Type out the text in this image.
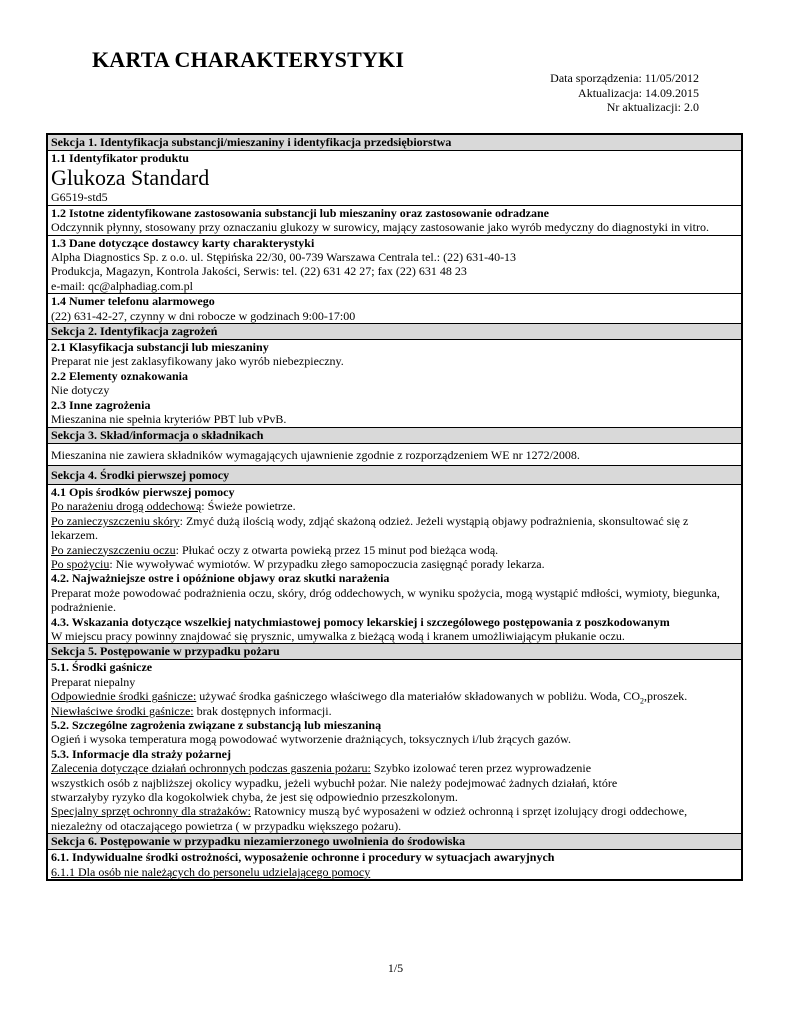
KARTA CHARAKTERYSTYKI
Data sporządzenia: 11/05/2012
Aktualizacja: 14.09.2015
Nr aktualizacji: 2.0
Sekcja 1. Identyfikacja substancji/mieszaniny i identyfikacja przedsiębiorstwa
1.1 Identyfikator produktu
Glukoza Standard
G6519-std5
1.2 Istotne zidentyfikowane zastosowania substancji lub mieszaniny oraz zastosowanie odradzane
Odczynnik płynny, stosowany przy oznaczaniu glukozy w surowicy, mający zastosowanie jako wyrób medyczny do diagnostyki in vitro.
1.3 Dane dotyczące dostawcy karty charakterystyki
Alpha Diagnostics Sp. z o.o. ul. Stępińska 22/30, 00-739 Warszawa Centrala tel.: (22) 631-40-13
Produkcja, Magazyn, Kontrola Jakości, Serwis: tel. (22) 631 42 27; fax (22) 631 48 23
e-mail: qc@alphadiag.com.pl
1.4 Numer telefonu alarmowego
(22) 631-42-27, czynny w dni robocze w godzinach 9:00-17:00
Sekcja 2. Identyfikacja zagrożeń
2.1 Klasyfikacja substancji lub mieszaniny
Preparat nie jest zaklasyfikowany jako wyrób niebezpieczny.
2.2 Elementy oznakowania
Nie dotyczy
2.3 Inne zagrożenia
Mieszanina nie spełnia kryteriów PBT lub vPvB.
Sekcja 3. Skład/informacja o składnikach
Mieszanina nie zawiera składników wymagających ujawnienie zgodnie z rozporządzeniem WE nr 1272/2008.
Sekcja 4. Środki pierwszej pomocy
4.1 Opis środków pierwszej pomocy
Po narażeniu drogą oddechową: Świeże powietrze.
Po zanieczyszczeniu skóry: Zmyć dużą ilością wody, zdjąć skażoną odzież. Jeżeli wystąpią objawy podrażnienia, skonsultować się z lekarzem.
Po zanieczyszczeniu oczu: Płukać oczy z otwarta powieką przez 15 minut pod bieżąca wodą.
Po spożyciu: Nie wywoływać wymiotów. W przypadku złego samopoczucia zasięgnąć porady lekarza.
4.2. Najważniejsze ostre i opóźnione objawy oraz skutki narażenia
Preparat może powodować podrażnienia oczu, skóry, dróg oddechowych, w wyniku spożycia, mogą wystąpić mdłości, wymioty, biegunka, podrażnienie.
4.3. Wskazania dotyczące wszelkiej natychmiastowej pomocy lekarskiej i szczególowego postępowania z poszkodowanym
W miejscu pracy powinny znajdować się prysznic, umywalka z bieżącą wodą i kranem umożliwiającym płukanie oczu.
Sekcja 5. Postępowanie w przypadku pożaru
5.1. Środki gaśnicze
Preparat niepalny
Odpowiednie środki gaśnicze: używać środka gaśniczego właściwego dla materiałów składowanych w pobliżu. Woda, $CO_2,proszek$.
Niewłaściwe środki gaśnicze: brak dostępnych informacji.
5.2. Szczególne zagrożenia związane z substancją lub mieszaniną
Ogień i wysoka temperatura mogą powodować wytworzenie drażniących, toksycznych i/lub żrących gazów.
5.3. Informacje dla straży pożarnej
Zalecenia dotyczące działań ochronnych podczas gaszenia pożaru: Szybko izolować teren przez wyprowadzenie
wszystkich osób z najbliższej okolicy wypadku, jeżeli wybuchł pożar. Nie należy podejmować żadnych działań, które
stwarzałyby ryzyko dla kogokolwiek chyba, że jest się odpowiednio przeszkolonym.
Specjalny sprzęt ochronny dla strażaków: Ratownicy muszą być wyposażeni w odzież ochronną i sprzęt izolujący drogi oddechowe, niezależny od otaczającego powietrza ( w przypadku większego pożaru).
Sekcja 6. Postępowanie w przypadku niezamierzonego uwolnienia do środowiska
6.1. Indywidualne środki ostrożności, wyposażenie ochronne i procedury w sytuacjach awaryjnych
6.1.1 Dla osób nie należących do personelu udzielającego pomocy
1/5
